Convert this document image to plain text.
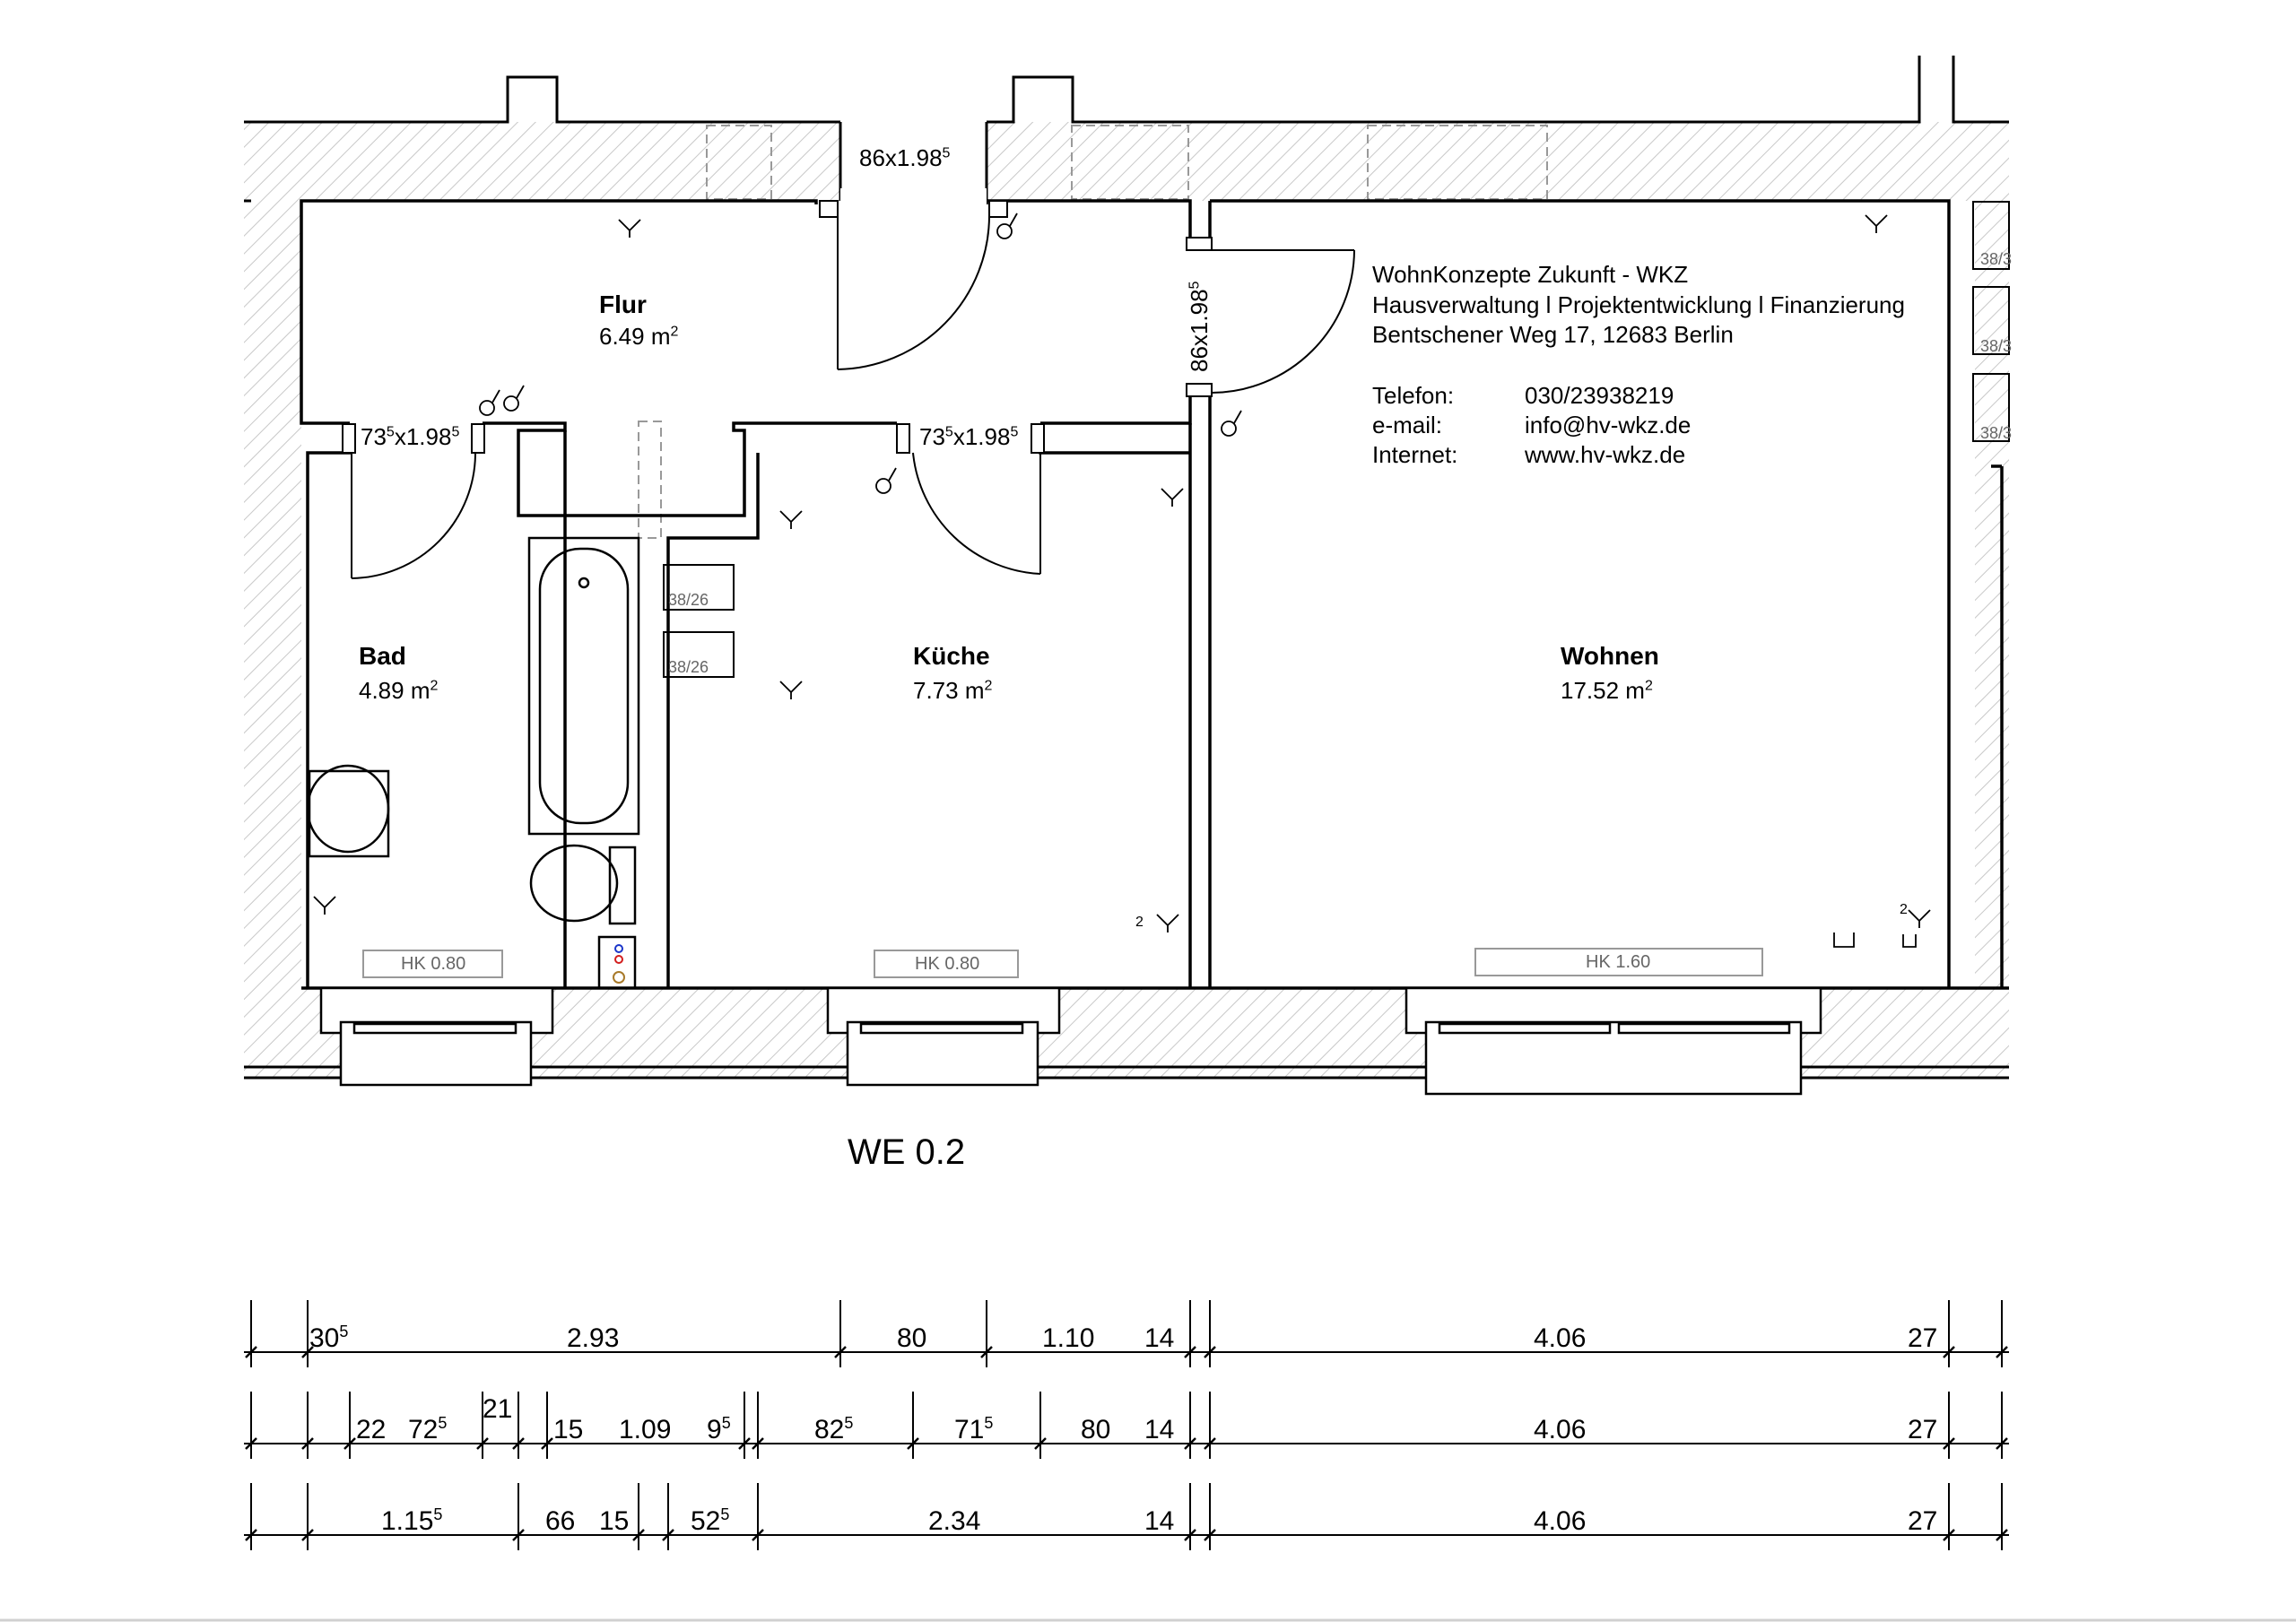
WohnKonzepte Zukunft - WKZ
Hausverwaltung l Projektentwicklung l Finanzierung
Bentschener Weg 17, 12683 Berlin
Telefon:	030/23938219
e-mail:	info@hv-wkz.de
Internet:	www.hv-wkz.de
Flur
6.49 $m^2$
Bad
4.89 $m^2$
Küche
7.73 $m^2$
Wohnen
17.52 $m^2$
86x1.98$^5$
86x1.98$^5$
$73^5x1.98^5$	$73^5x1.98^5$
38/26
38/26
38/3
38/3
38/3
HK 0.80	HK 0.80	HK 1.60
2
2
WE 0.2
$30^5$	2.93	80	1.10 14	4.06	27
22 $72^5$ 21
15 1.09 $9^5$	$82^5$	$71^5$	80 14	4.06	27
1.15$^5$	66 15 $52^5$	2.34	14	4.06	27
